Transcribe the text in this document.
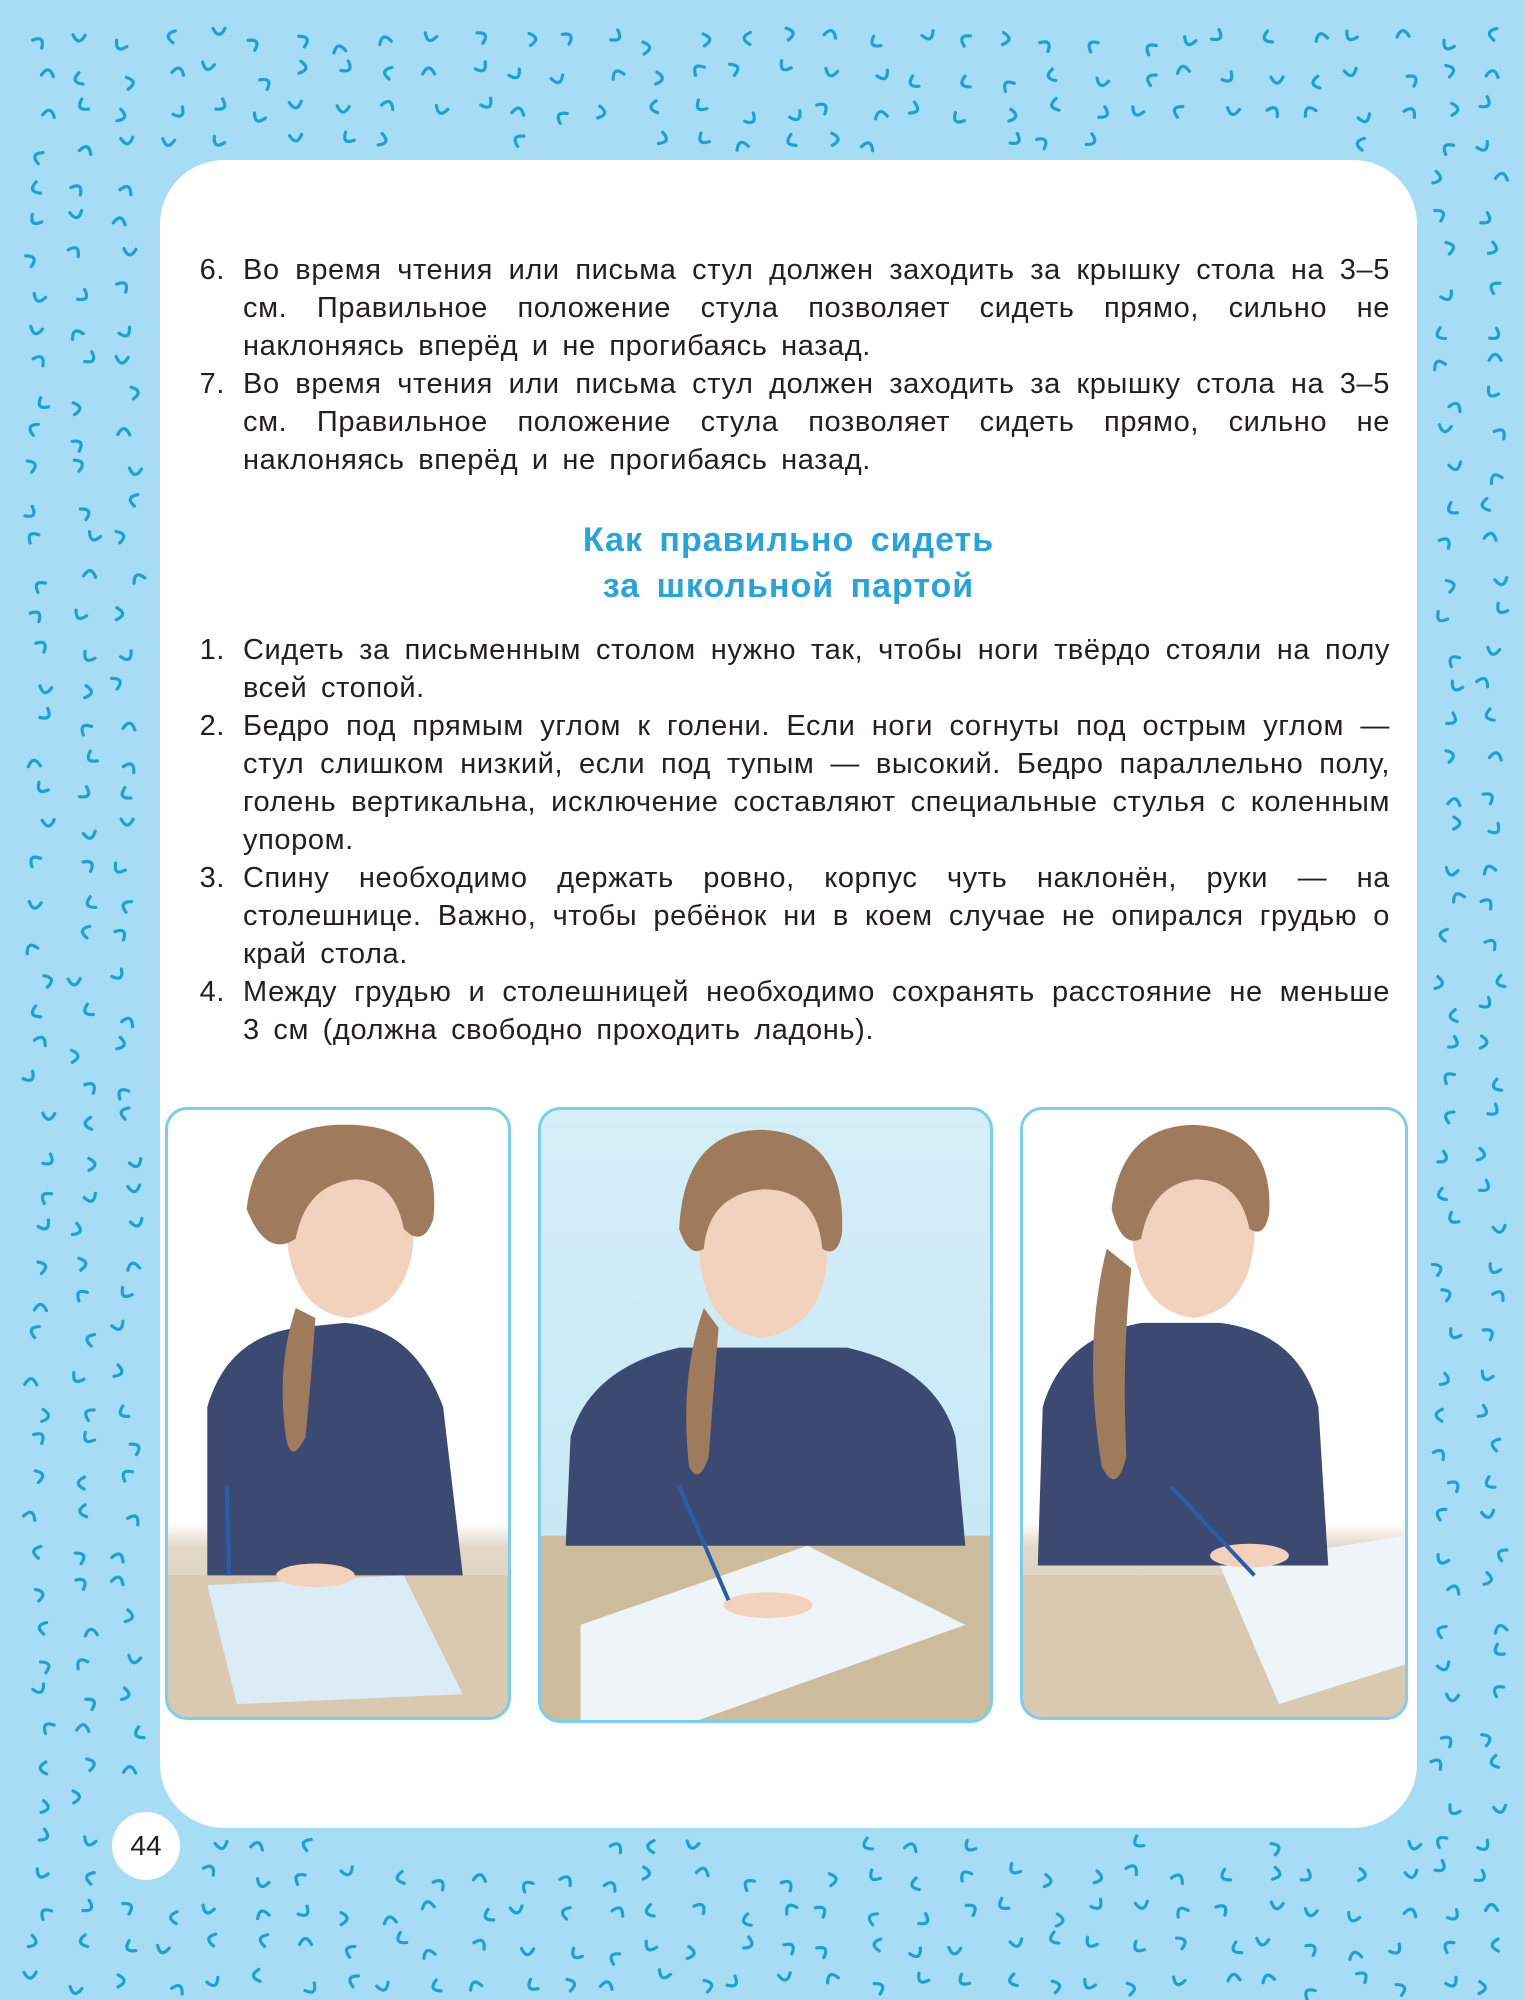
6. Во время чтения или письма стул должен заходить за крышку стола на 3–5 см. Правильное положение стула позволяет сидеть прямо, сильно не наклоняясь вперёд и не прогибаясь назад.
7. Во время чтения или письма стул должен заходить за крышку стола на 3–5 см. Правильное положение стула позволяет сидеть прямо, сильно не наклоняясь вперёд и не прогибаясь назад.
Как правильно сидеть
за школьной партой
1. Сидеть за письменным столом нужно так, чтобы ноги твёрдо стояли на полу всей стопой.
2. Бедро под прямым углом к голени. Если ноги согнуты под острым углом — стул слишком низкий, если под тупым — высокий. Бедро параллельно полу, голень вертикальна, исключение составляют специальные стулья с коленным упором.
3. Спину необходимо держать ровно, корпус чуть наклонён, руки — на столешнице. Важно, чтобы ребёнок ни в коем случае не опирался грудью о край стола.
4. Между грудью и столешницей необходимо сохранять расстояние не меньше 3 см (должна свободно проходить ладонь).
44
